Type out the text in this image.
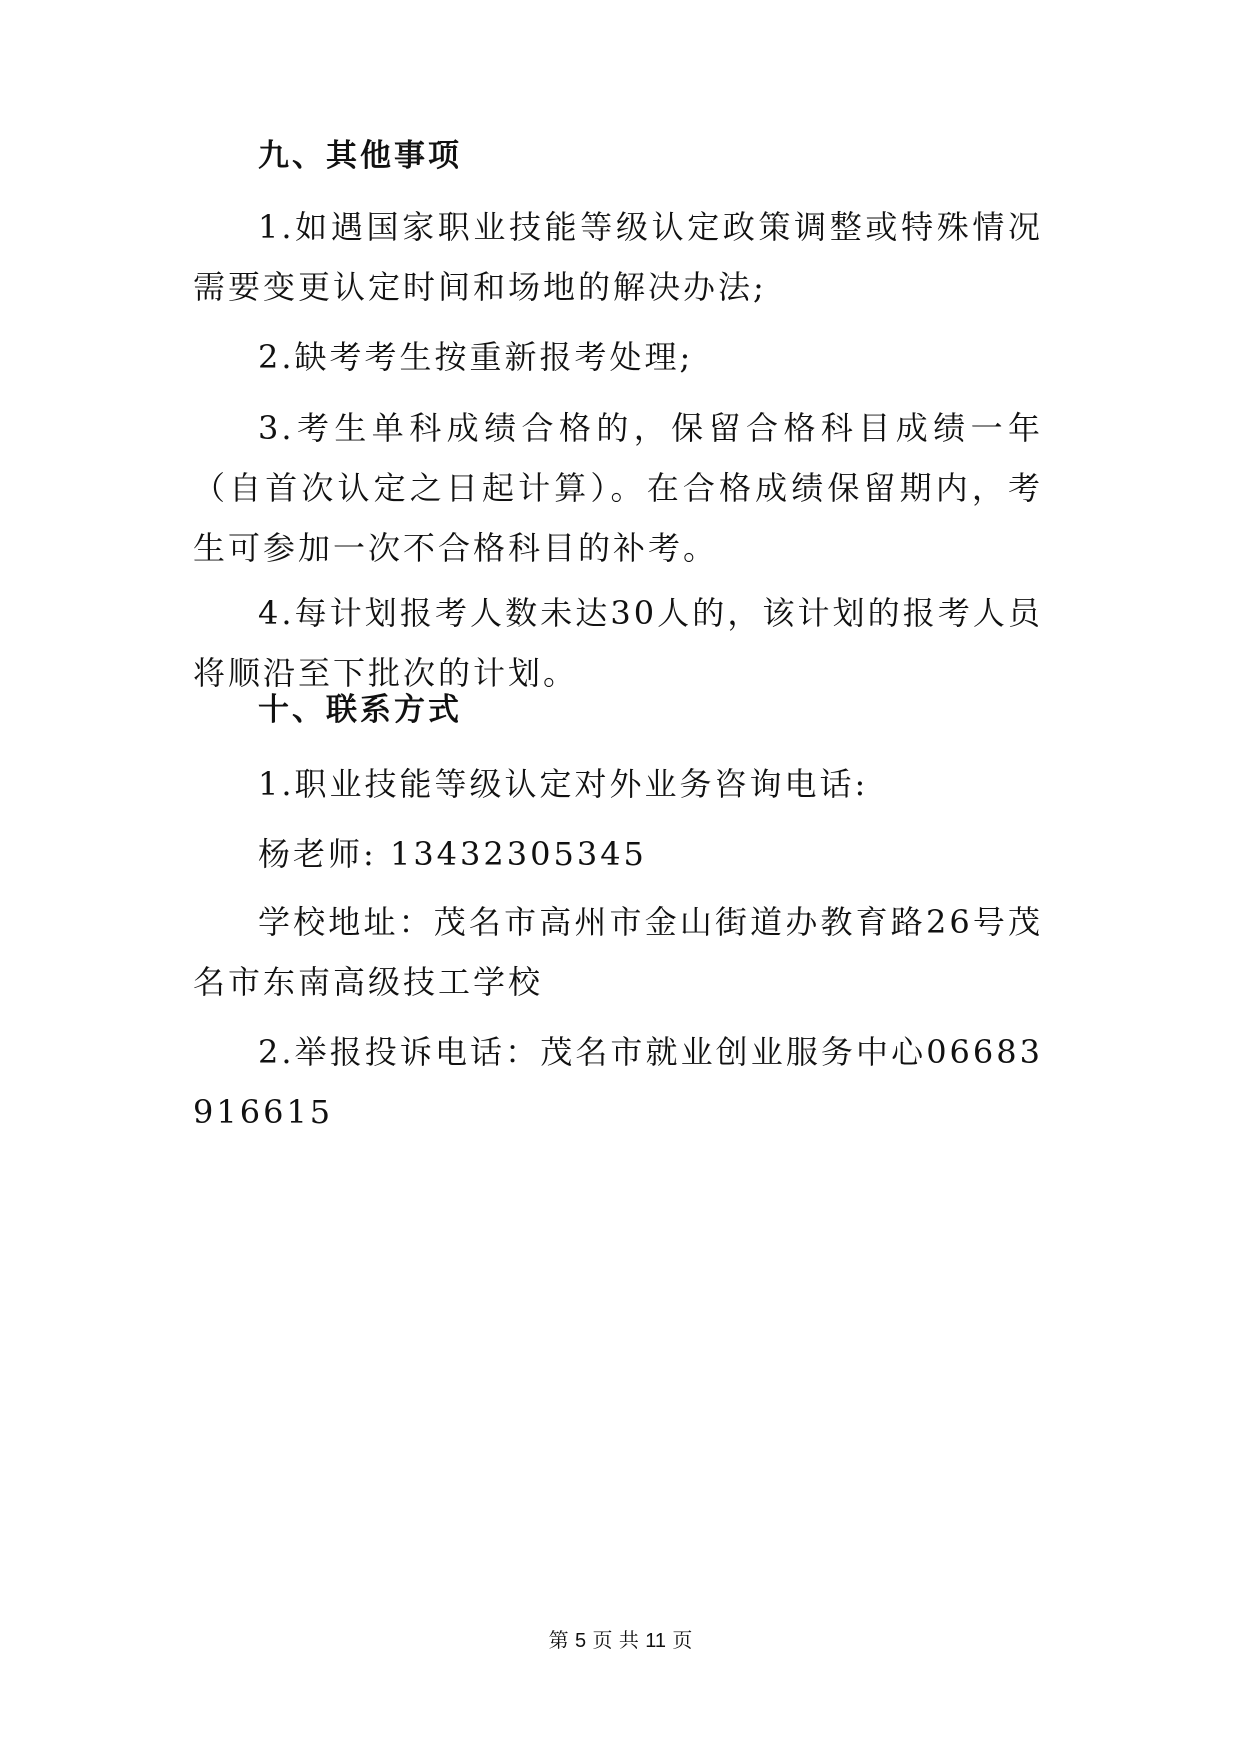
九、其他事项
1.如遇国家职业技能等级认定政策调整或特殊情况需要变更认定时间和场地的解决办法;
2.缺考考生按重新报考处理;
3.考生单科成绩合格的，保留合格科目成绩一年（自首次认定之日起计算）。在合格成绩保留期内，考生可参加一次不合格科目的补考。
4.每计划报考人数未达30人的，该计划的报考人员将顺沿至下批次的计划。
十、联系方式
1.职业技能等级认定对外业务咨询电话:
杨老师: 13432305345
学校地址：茂名市高州市金山街道办教育路26号茂名市东南高级技工学校
2.举报投诉电话：茂名市就业创业服务中心06683916615
第 5 页 共 11 页
